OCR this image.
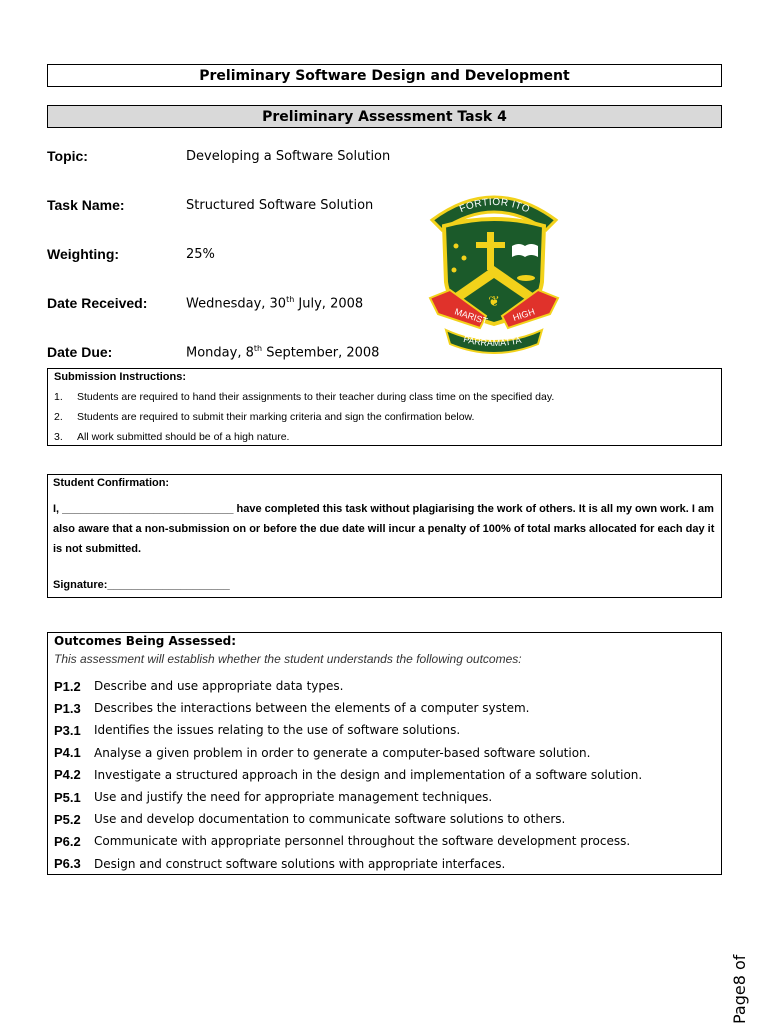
Preliminary Software Design and Development
Preliminary Assessment Task 4
Topic:	Developing a Software Solution
Task Name:	Structured Software Solution
Weighting:	25%
Date Received:	Wednesday, 30th July, 2008
Date Due:	Monday, 8th September, 2008
FORTIOR ITO
❦
MARIST	HIGH
PARRAMATTA
Submission Instructions:
1.	Students are required to hand their assignments to their teacher during class time on the specified day.
2.	Students are required to submit their marking criteria and sign the confirmation below.
3.	All work submitted should be of a high nature.
Student Confirmation:
I, ____________________________ have completed this task without plagiarising the work of others. It is all my own work. I am also aware that a non-submission on or before the due date will incur a penalty of 100% of total marks allocated for each day it is not submitted.
Signature:____________________
Outcomes Being Assessed:
This assessment will establish whether the student understands the following outcomes:
P1.2	Describe and use appropriate data types.
P1.3	Describes the interactions between the elements of a computer system.
P3.1	Identifies the issues relating to the use of software solutions.
P4.1	Analyse a given problem in order to generate a computer-based software solution.
P4.2	Investigate a structured approach in the design and implementation of a software solution.
P5.1	Use and justify the need for appropriate management techniques.
P5.2	Use and develop documentation to communicate software solutions to others.
P6.2	Communicate with appropriate personnel throughout the software development process.
P6.3	Design and construct software solutions with appropriate interfaces.
Page8 of
